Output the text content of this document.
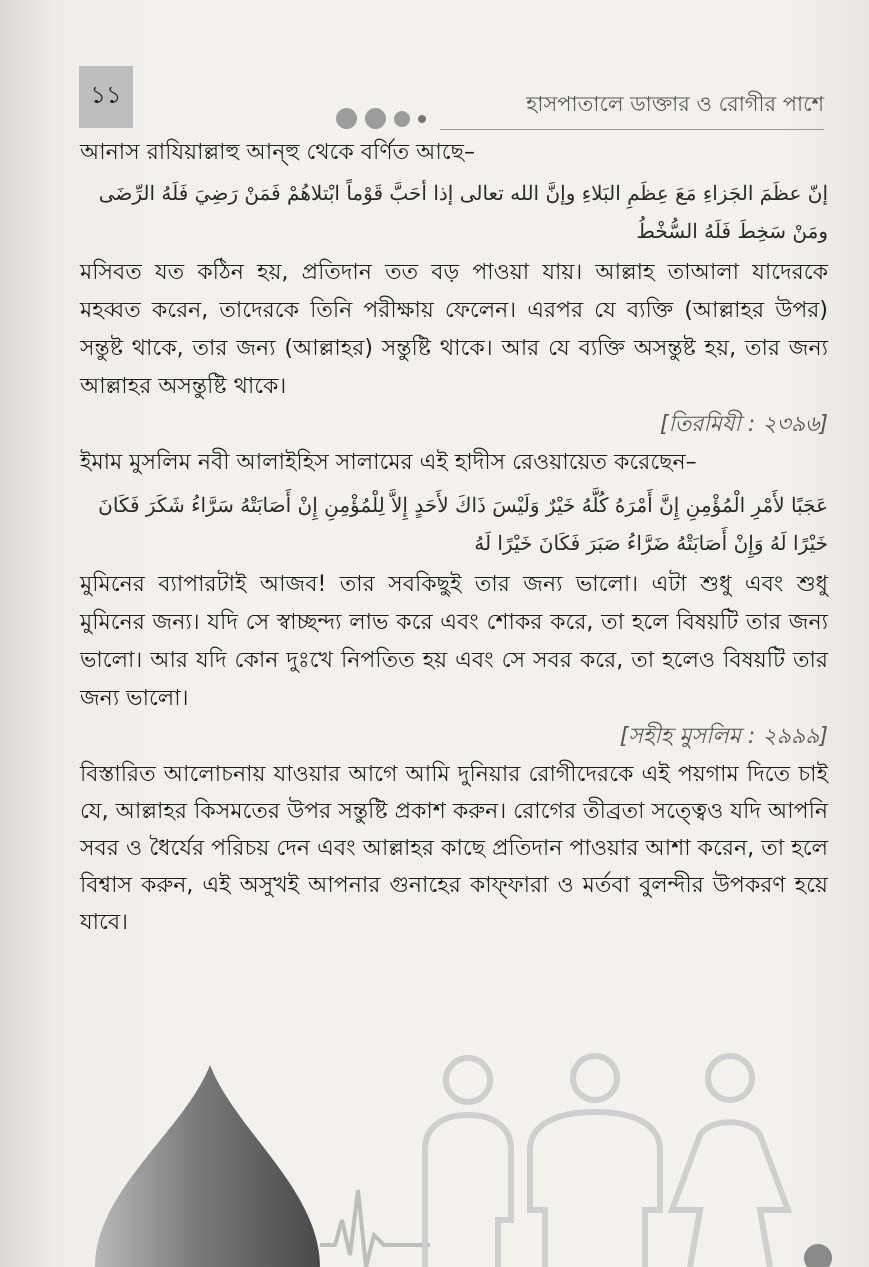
১১	হাসপাতালে ডাক্তার ও রোগীর পাশে

আনাস রাযিয়াল্লাহু আন্হু থেকে বর্ণিত আছে–

إنّ عظَمَ الجَزاءِ مَعَ عِظَمِ البَلاءِ وإنَّ الله تعالى إذا أحَبَّ قَوْماً ابْتلاهُمْ فَمَنْ رَضِيَ فَلَهُ الرِّضَى ومَنْ سَخِطَ فَلَهُ السُّخْطُ

মসিবত যত কঠিন হয়, প্রতিদান তত বড় পাওয়া যায়। আল্লাহ তাআলা যাদেরকে মহব্বত করেন, তাদেরকে তিনি পরীক্ষায় ফেলেন। এরপর যে ব্যক্তি (আল্লাহর উপর) সন্তুষ্ট থাকে, তার জন্য (আল্লাহর) সন্তুষ্টি থাকে। আর যে ব্যক্তি অসন্তুষ্ট হয়, তার জন্য আল্লাহর অসন্তুষ্টি থাকে।

[তিরমিযী : ২৩৯৬]

ইমাম মুসলিম নবী আলাইহিস সালামের এই হাদীস রেওয়ায়েত করেছেন–

عَجَبًا لأَمْرِ الْمُؤْمِنِ إِنَّ أَمْرَهُ كُلَّهُ خَيْرٌ وَلَيْسَ ذَاكَ لأَحَدٍ إِلاَّ لِلْمُؤْمِنِ إِنْ أَصَابَتْهُ سَرَّاءُ شَكَرَ فَكَانَ خَيْرًا لَهُ وَإِنْ أَصَابَتْهُ ضَرَّاءُ صَبَرَ فَكَانَ خَيْرًا لَهُ

মুমিনের ব্যাপারটাই আজব! তার সবকিছুই তার জন্য ভালো। এটা শুধু এবং শুধু মুমিনের জন্য। যদি সে স্বাচ্ছন্দ্য লাভ করে এবং শোকর করে, তা হলে বিষয়টি তার জন্য ভালো। আর যদি কোন দুঃখে নিপতিত হয় এবং সে সবর করে, তা হলেও বিষয়টি তার জন্য ভালো।

[সহীহ মুসলিম : ২৯৯৯]

বিস্তারিত আলোচনায় যাওয়ার আগে আমি দুনিয়ার রোগীদেরকে এই পয়গাম দিতে চাই যে, আল্লাহর কিসমতের উপর সন্তুষ্টি প্রকাশ করুন। রোগের তীব্রতা সত্ত্বেও যদি আপনি সবর ও ধৈর্যের পরিচয় দেন এবং আল্লাহর কাছে প্রতিদান পাওয়ার আশা করেন, তা হলে বিশ্বাস করুন, এই অসুখই আপনার গুনাহের কাফ্ফারা ও মর্তবা বুলন্দীর উপকরণ হয়ে যাবে।
